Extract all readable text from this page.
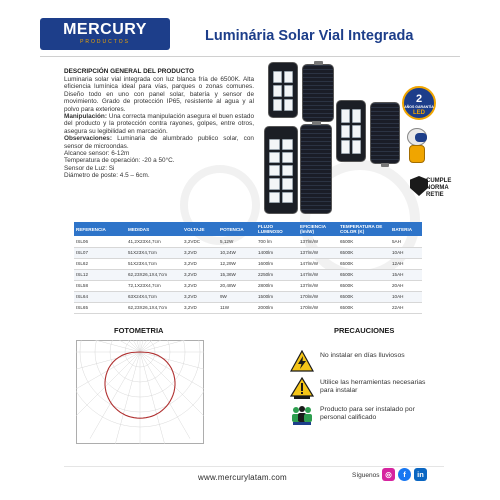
MERCURY
PRODUCTOS	Luminária Solar Vial Integrada
DESCRIPCIÓN GENERAL DEL PRODUCTO
Luminaria solar vial integrada con luz blanca fría de 6500K. Alta eficiencia lumínica ideal para vías, parques o zonas comunes. Diseño todo en uno con panel solar, batería y sensor de movimiento. Grado de protección IP65, resistente al agua y al polvo para exteriores.
Manipulación: Una correcta manipulación asegura el buen estado del producto y la protección contra rayones, golpes, entre otros, asegura su legibilidad en marcación.
Observaciones: Luminaria de alumbrado publico solar, con sensor de microondas.
Alcance sensor: 6-12m
Temperatura de operación: -20 a 50°C.
Sensor de Luz: Si
Diámetro de poste: 4.5 – 6cm.
2
AÑOS GARANTÍA
LED
CUMPLE
NORMA
RETIE
REFERENCIA	MEDIDAS	VOLTAJE	POTENCIA	FLUJO LUMINOSO	EFICIENCIA (lm/W)	TEMPERATURA DE COLOR (K)	BATERIA
ISL06	41,2X23X4,7cm	3,2VDC	5,12W	700 lm	137lm/W	6500K	5AH
ISL07	51X23X4,7cm	3,2VD	10,24W	1400lm	137lm/W	6500K	10AH
ISL62	51X23X4,7cm	3,2VD	12,29W	1600lm	147lm/W	6500K	12AH
ISL12	62,23X26,1X4,7cm	3,2VD	15,36W	2250lm	147lm/W	6500K	15AH
ISL58	72,1X23X4,7cm	3,2VD	20,48W	2800lm	137lm/W	6500K	20AH
ISL64	63X24X4,7cm	3,2VD	9W	1500lm	170lm/W	6500K	10AH
ISL65	62,23X26,1X4,7cm	3,2VD	11W	2000lm	170lm/W	6500K	22AH
FOTOMETRIA	PRECAUCIONES
No instalar en días lluviosos
Utilice las herramientas necesarias para instalar
Producto para ser instalado por personal calificado
www.mercurylatam.com	Síguenos ◎	f	in
